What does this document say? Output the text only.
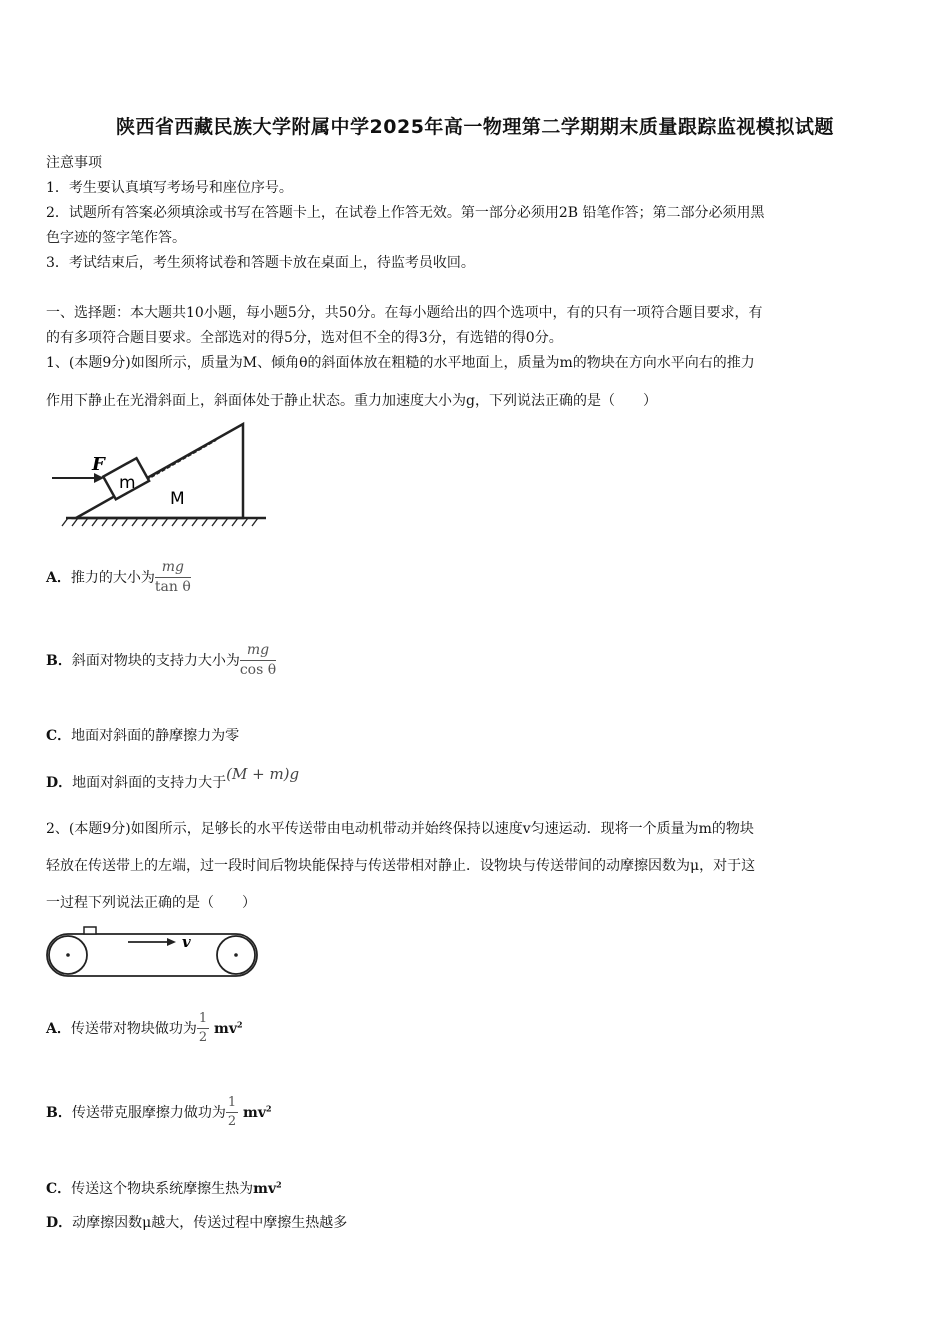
陕西省西藏民族大学附属中学2025年高一物理第二学期期末质量跟踪监视模拟试题
注意事项
1．考生要认真填写考场号和座位序号。
2．试题所有答案必须填涂或书写在答题卡上，在试卷上作答无效。第一部分必须用2B 铅笔作答；第二部分必须用黑
色字迹的签字笔作答。
3．考试结束后，考生须将试卷和答题卡放在桌面上，待监考员收回。
一、选择题：本大题共10小题，每小题5分，共50分。在每小题给出的四个选项中，有的只有一项符合题目要求，有
的有多项符合题目要求。全部选对的得5分，选对但不全的得3分，有选错的得0分。
1、(本题9分)如图所示，质量为M、倾角θ的斜面体放在粗糙的水平地面上，质量为m的物块在方向水平向右的推力
作用下静止在光滑斜面上，斜面体处于静止状态。重力加速度大小为g，下列说法正确的是（　　）
F
m
M
A．推力的大小为 $\frac{mg}{\text{tan θ}}$
B．斜面对物块的支持力大小为 $\frac{mg}{\text{cos θ}}$
C．地面对斜面的静摩擦力为零
D．地面对斜面的支持力大于(M + m)g
2、(本题9分)如图所示，足够长的水平传送带由电动机带动并始终保持以速度v匀速运动．现将一个质量为m的物块
轻放在传送带上的左端，过一段时间后物块能保持与传送带相对静止．设物块与传送带间的动摩擦因数为μ，对于这
一过程下列说法正确的是（　　）
v
A．传送带对物块做功为 $\frac{1}{2} mv^2$
B．传送带克服摩擦力做功为 $\frac{1}{2} mv^2$
C．传送这个物块系统摩擦生热为$mv^2$
D．动摩擦因数μ越大，传送过程中摩擦生热越多
